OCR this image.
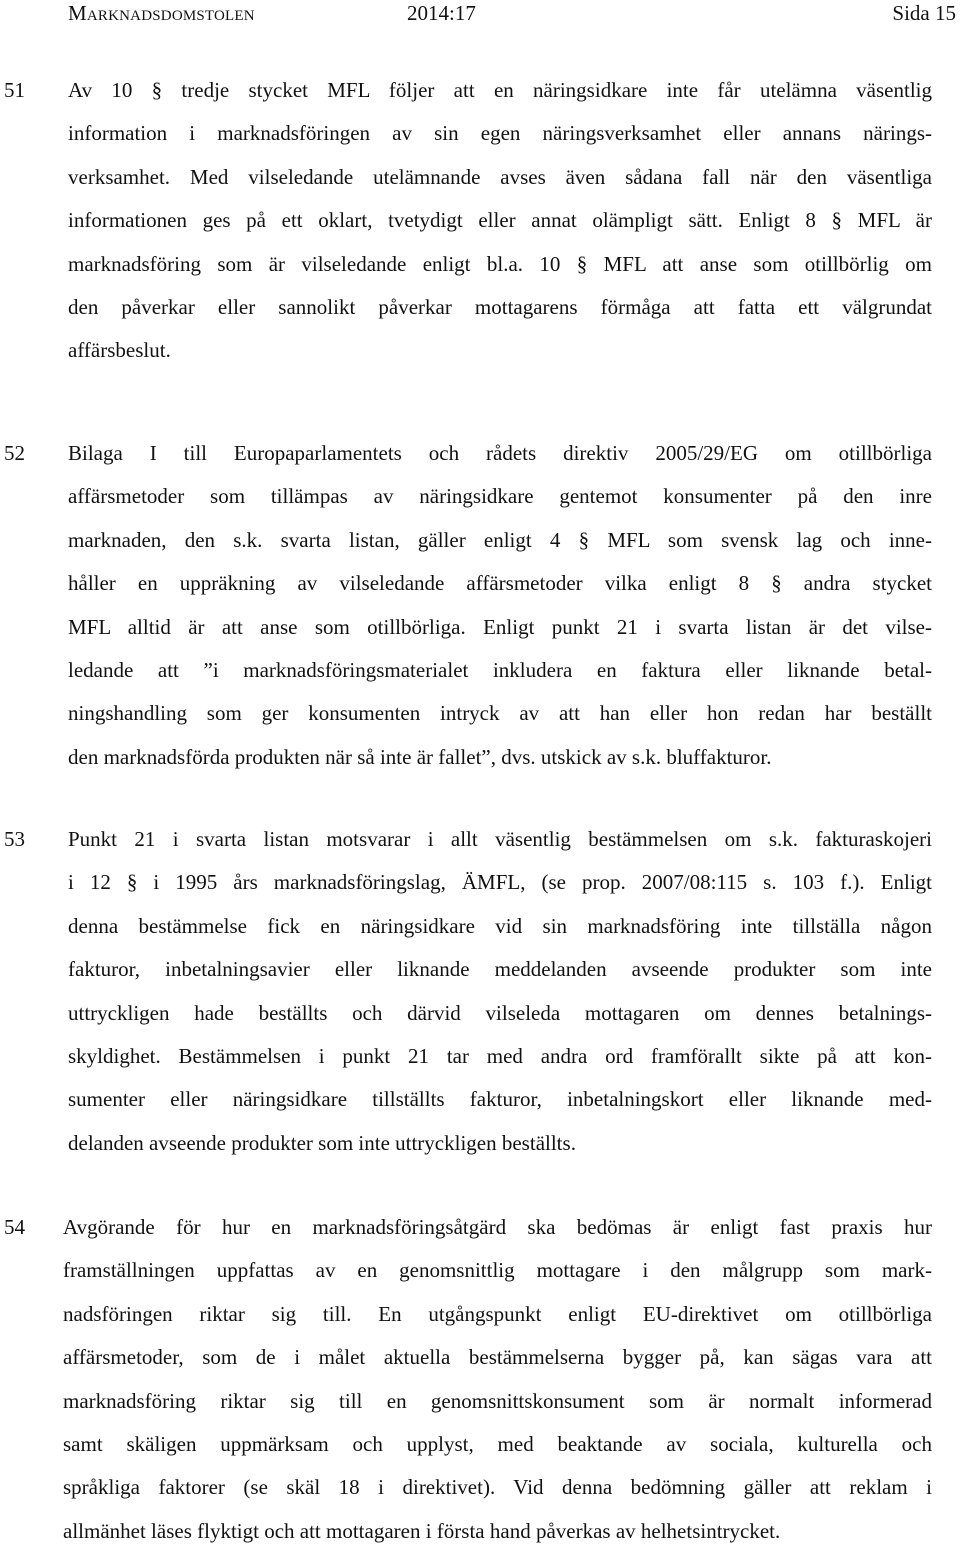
Marknadsdomstolen	2014:17	Sida 15
51 Av 10 § tredje stycket MFL följer att en näringsidkare inte får utelämna väsentlig
information i marknadsföringen av sin egen näringsverksamhet eller annans närings-
verksamhet. Med vilseledande utelämnande avses även sådana fall när den väsentliga
informationen ges på ett oklart, tvetydigt eller annat olämpligt sätt. Enligt 8 § MFL är
marknadsföring som är vilseledande enligt bl.a. 10 § MFL att anse som otillbörlig om
den påverkar eller sannolikt påverkar mottagarens förmåga att fatta ett välgrundat
affärsbeslut.
52 Bilaga I till Europaparlamentets och rådets direktiv 2005/29/EG om otillbörliga
affärsmetoder som tillämpas av näringsidkare gentemot konsumenter på den inre
marknaden, den s.k. svarta listan, gäller enligt 4 § MFL som svensk lag och inne-
håller en uppräkning av vilseledande affärsmetoder vilka enligt 8 § andra stycket
MFL alltid är att anse som otillbörliga. Enligt punkt 21 i svarta listan är det vilse-
ledande att ”i marknadsföringsmaterialet inkludera en faktura eller liknande betal-
ningshandling som ger konsumenten intryck av att han eller hon redan har beställt
den marknadsförda produkten när så inte är fallet”, dvs. utskick av s.k. bluffakturor.
53 Punkt 21 i svarta listan motsvarar i allt väsentlig bestämmelsen om s.k. fakturaskojeri
i 12 § i 1995 års marknadsföringslag, ÄMFL, (se prop. 2007/08:115 s. 103 f.). Enligt
denna bestämmelse fick en näringsidkare vid sin marknadsföring inte tillställa någon
fakturor, inbetalningsavier eller liknande meddelanden avseende produkter som inte
uttryckligen hade beställts och därvid vilseleda mottagaren om dennes betalnings-
skyldighet. Bestämmelsen i punkt 21 tar med andra ord framförallt sikte på att kon-
sumenter eller näringsidkare tillställts fakturor, inbetalningskort eller liknande med-
delanden avseende produkter som inte uttryckligen beställts.
54 Avgörande för hur en marknadsföringsåtgärd ska bedömas är enligt fast praxis hur
framställningen uppfattas av en genomsnittlig mottagare i den målgrupp som mark-
nadsföringen riktar sig till. En utgångspunkt enligt EU-direktivet om otillbörliga
affärsmetoder, som de i målet aktuella bestämmelserna bygger på, kan sägas vara att
marknadsföring riktar sig till en genomsnittskonsument som är normalt informerad
samt skäligen uppmärksam och upplyst, med beaktande av sociala, kulturella och
språkliga faktorer (se skäl 18 i direktivet). Vid denna bedömning gäller att reklam i
allmänhet läses flyktigt och att mottagaren i första hand påverkas av helhetsintrycket.
